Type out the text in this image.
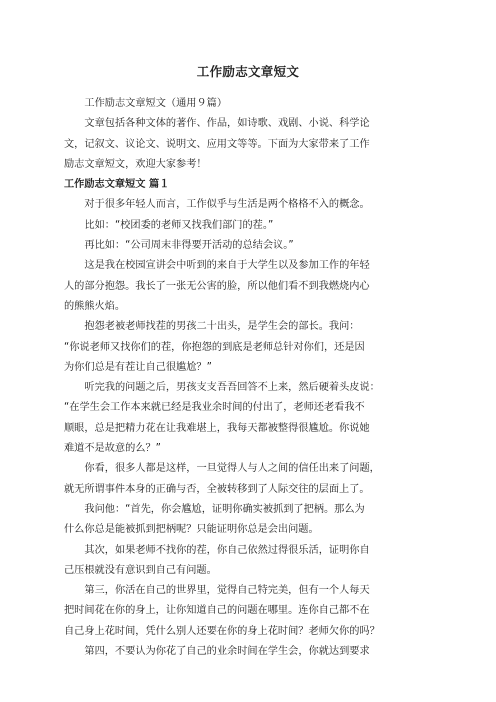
工作励志文章短文
工作励志文章短文（通用９篇）
文章包括各种文体的著作、作品，如诗歌、戏剧、小说、科学论
文，记叙文、议论文、说明文、应用文等等。下面为大家带来了工作
励志文章短文，欢迎大家参考！
工作励志文章短文 篇１
对于很多年轻人而言，工作似乎与生活是两个格格不入的概念。
比如：“校团委的老师又找我们部门的茬。”
再比如：“公司周末非得要开活动的总结会议。”
这是我在校园宣讲会中听到的来自于大学生以及参加工作的年轻
人的部分抱怨。我长了一张无公害的脸，所以他们看不到我燃烧内心
的熊熊火焰。
抱怨老被老师找茬的男孩二十出头，是学生会的部长。我问：
“你说老师又找你们的茬，你抱怨的到底是老师总针对你们，还是因
为你们总是有茬让自己很尴尬？”
听完我的问题之后，男孩支支吾吾回答不上来，然后硬着头皮说：
“在学生会工作本来就已经是我业余时间的付出了，老师还老看我不
顺眼，总是把精力花在让我难堪上，我每天都被整得很尴尬。你说她
难道不是故意的么？”
你看，很多人都是这样，一旦觉得人与人之间的信任出来了问题，
就无所谓事件本身的正确与否，全被转移到了人际交往的层面上了。
我问他：“首先，你会尴尬，证明你确实被抓到了把柄。那么为
什么你总是能被抓到把柄呢？只能证明你总是会出问题。
其次，如果老师不找你的茬，你自己依然过得很乐活，证明你自
己压根就没有意识到自己有问题。
第三，你活在自己的世界里，觉得自己特完美，但有一个人每天
把时间花在你的身上，让你知道自己的问题在哪里。连你自己都不在
自己身上花时间，凭什么别人还要在你的身上花时间？老师欠你的吗？
第四，不要认为你花了自己的业余时间在学生会，你就达到要求
